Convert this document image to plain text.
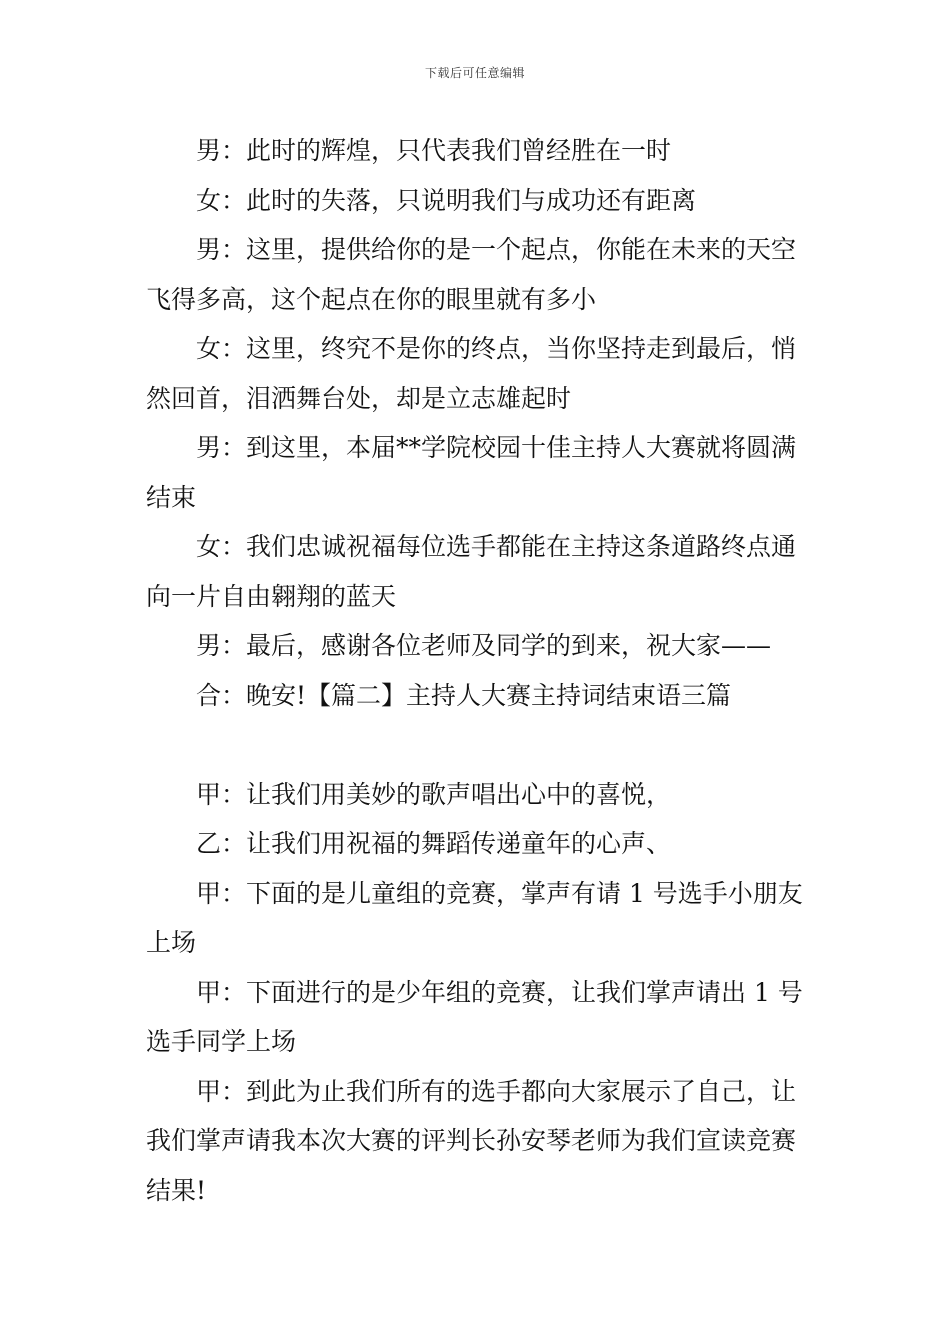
下载后可任意编辑

男：此时的辉煌，只代表我们曾经胜在一时

女：此时的失落，只说明我们与成功还有距离

男：这里，提供给你的是一个起点，你能在未来的天空飞得多高，这个起点在你的眼里就有多小

女：这里，终究不是你的终点，当你坚持走到最后，悄然回首，泪洒舞台处，却是立志雄起时

男：到这里，本届**学院校园十佳主持人大赛就将圆满结束

女：我们忠诚祝福每位选手都能在主持这条道路终点通向一片自由翱翔的蓝天

男：最后，感谢各位老师及同学的到来，祝大家——

合：晚安!【篇二】主持人大赛主持词结束语三篇

甲：让我们用美妙的歌声唱出心中的喜悦，

乙：让我们用祝福的舞蹈传递童年的心声、

甲：下面的是儿童组的竞赛，掌声有请 1 号选手小朋友上场

甲：下面进行的是少年组的竞赛，让我们掌声请出 1 号选手同学上场

甲：到此为止我们所有的选手都向大家展示了自己，让我们掌声请我本次大赛的评判长孙安琴老师为我们宣读竞赛结果!
